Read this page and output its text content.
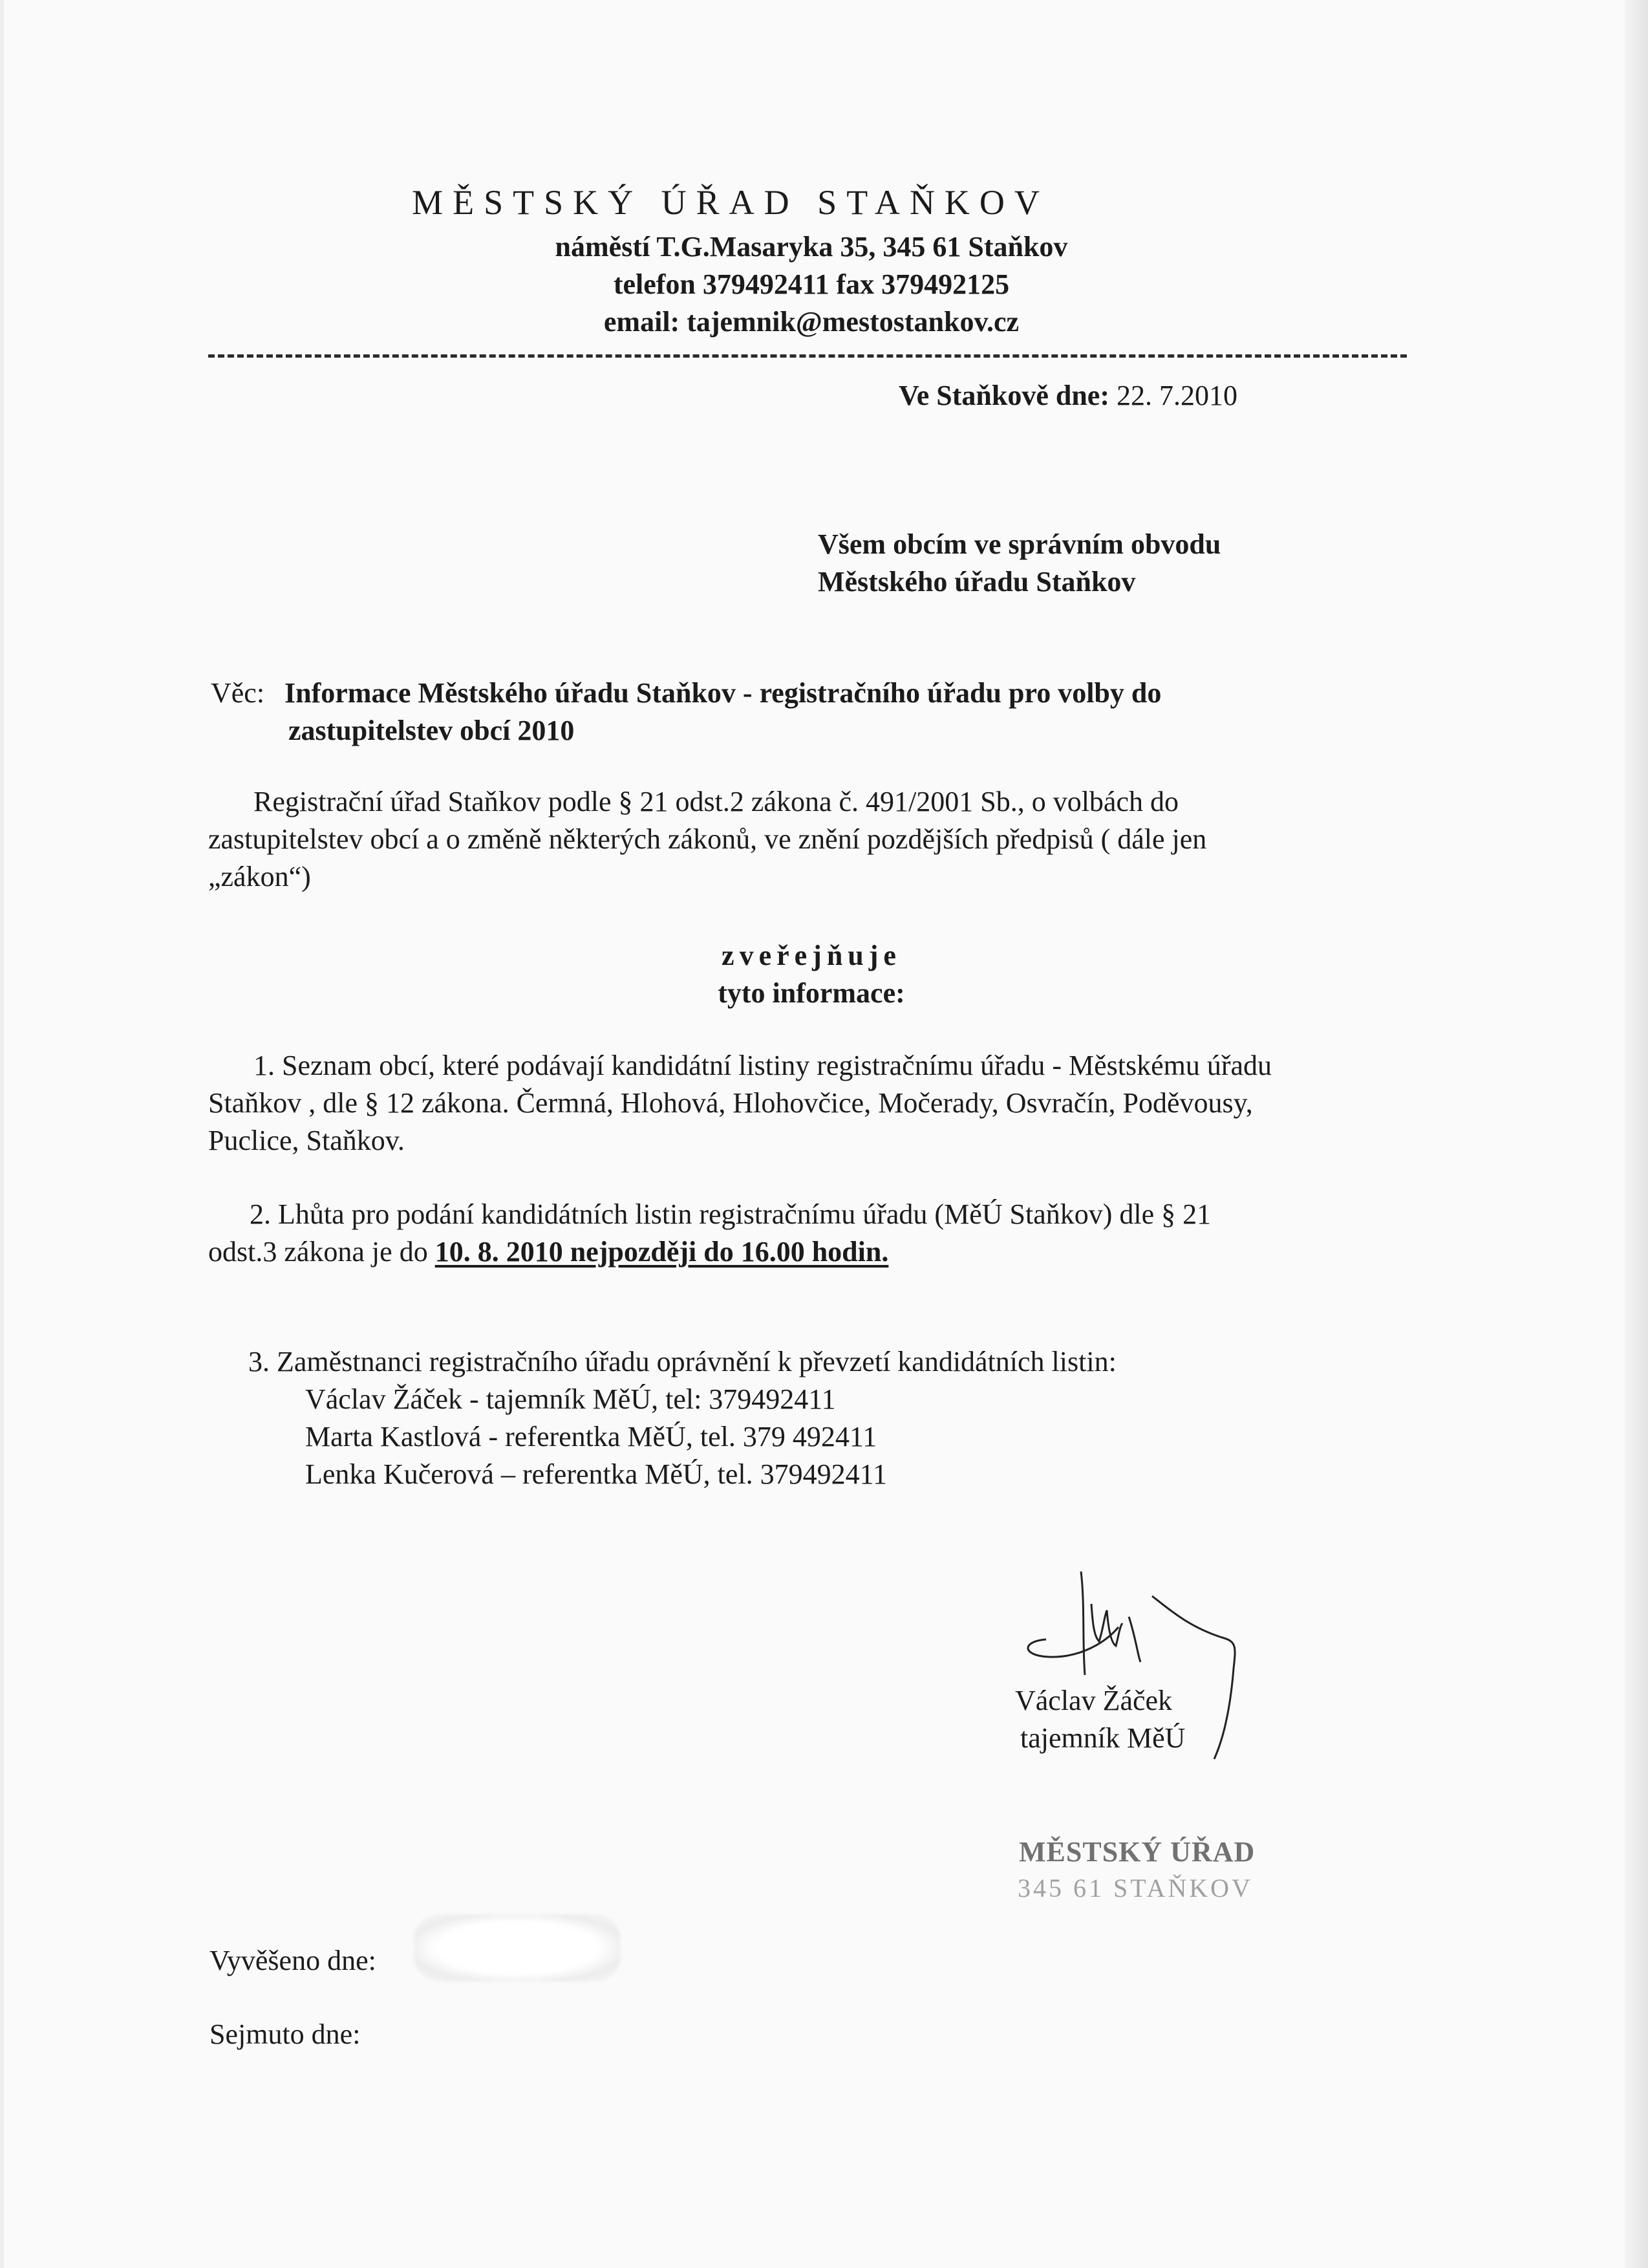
MĚSTSKÝ ÚŘAD STAŇKOV
náměstí T.G.Masaryka 35, 345 61 Staňkov
telefon 379492411 fax 379492125
email: tajemnik@mestostankov.cz
Ve Staňkově dne: 22. 7.2010
Všem obcím ve správním obvodu
Městského úřadu Staňkov
Věc: Informace Městského úřadu Staňkov - registračního úřadu pro volby do
zastupitelstev obcí 2010
Registrační úřad Staňkov podle § 21 odst.2 zákona č. 491/2001 Sb., o volbách do
zastupitelstev obcí a o změně některých zákonů, ve znění pozdějších předpisů ( dále jen
„zákon“)
zveřejňuje
tyto informace:
1. Seznam obcí, které podávají kandidátní listiny registračnímu úřadu - Městskému úřadu
Staňkov , dle § 12 zákona. Čermná, Hlohová, Hlohovčice, Močerady, Osvračín, Poděvousy,
Puclice, Staňkov.
2. Lhůta pro podání kandidátních listin registračnímu úřadu (MěÚ Staňkov) dle § 21
odst.3 zákona je do 10. 8. 2010 nejpozději do 16.00 hodin.
3. Zaměstnanci registračního úřadu oprávnění k převzetí kandidátních listin:
Václav Žáček - tajemník MěÚ, tel: 379492411
Marta Kastlová - referentka MěÚ, tel. 379 492411
Lenka Kučerová – referentka MěÚ, tel. 379492411
Václav Žáček
tajemník MěÚ
MĚSTSKÝ ÚŘAD
345 61 STAŇKOV
Vyvěšeno dne:
Sejmuto dne:
